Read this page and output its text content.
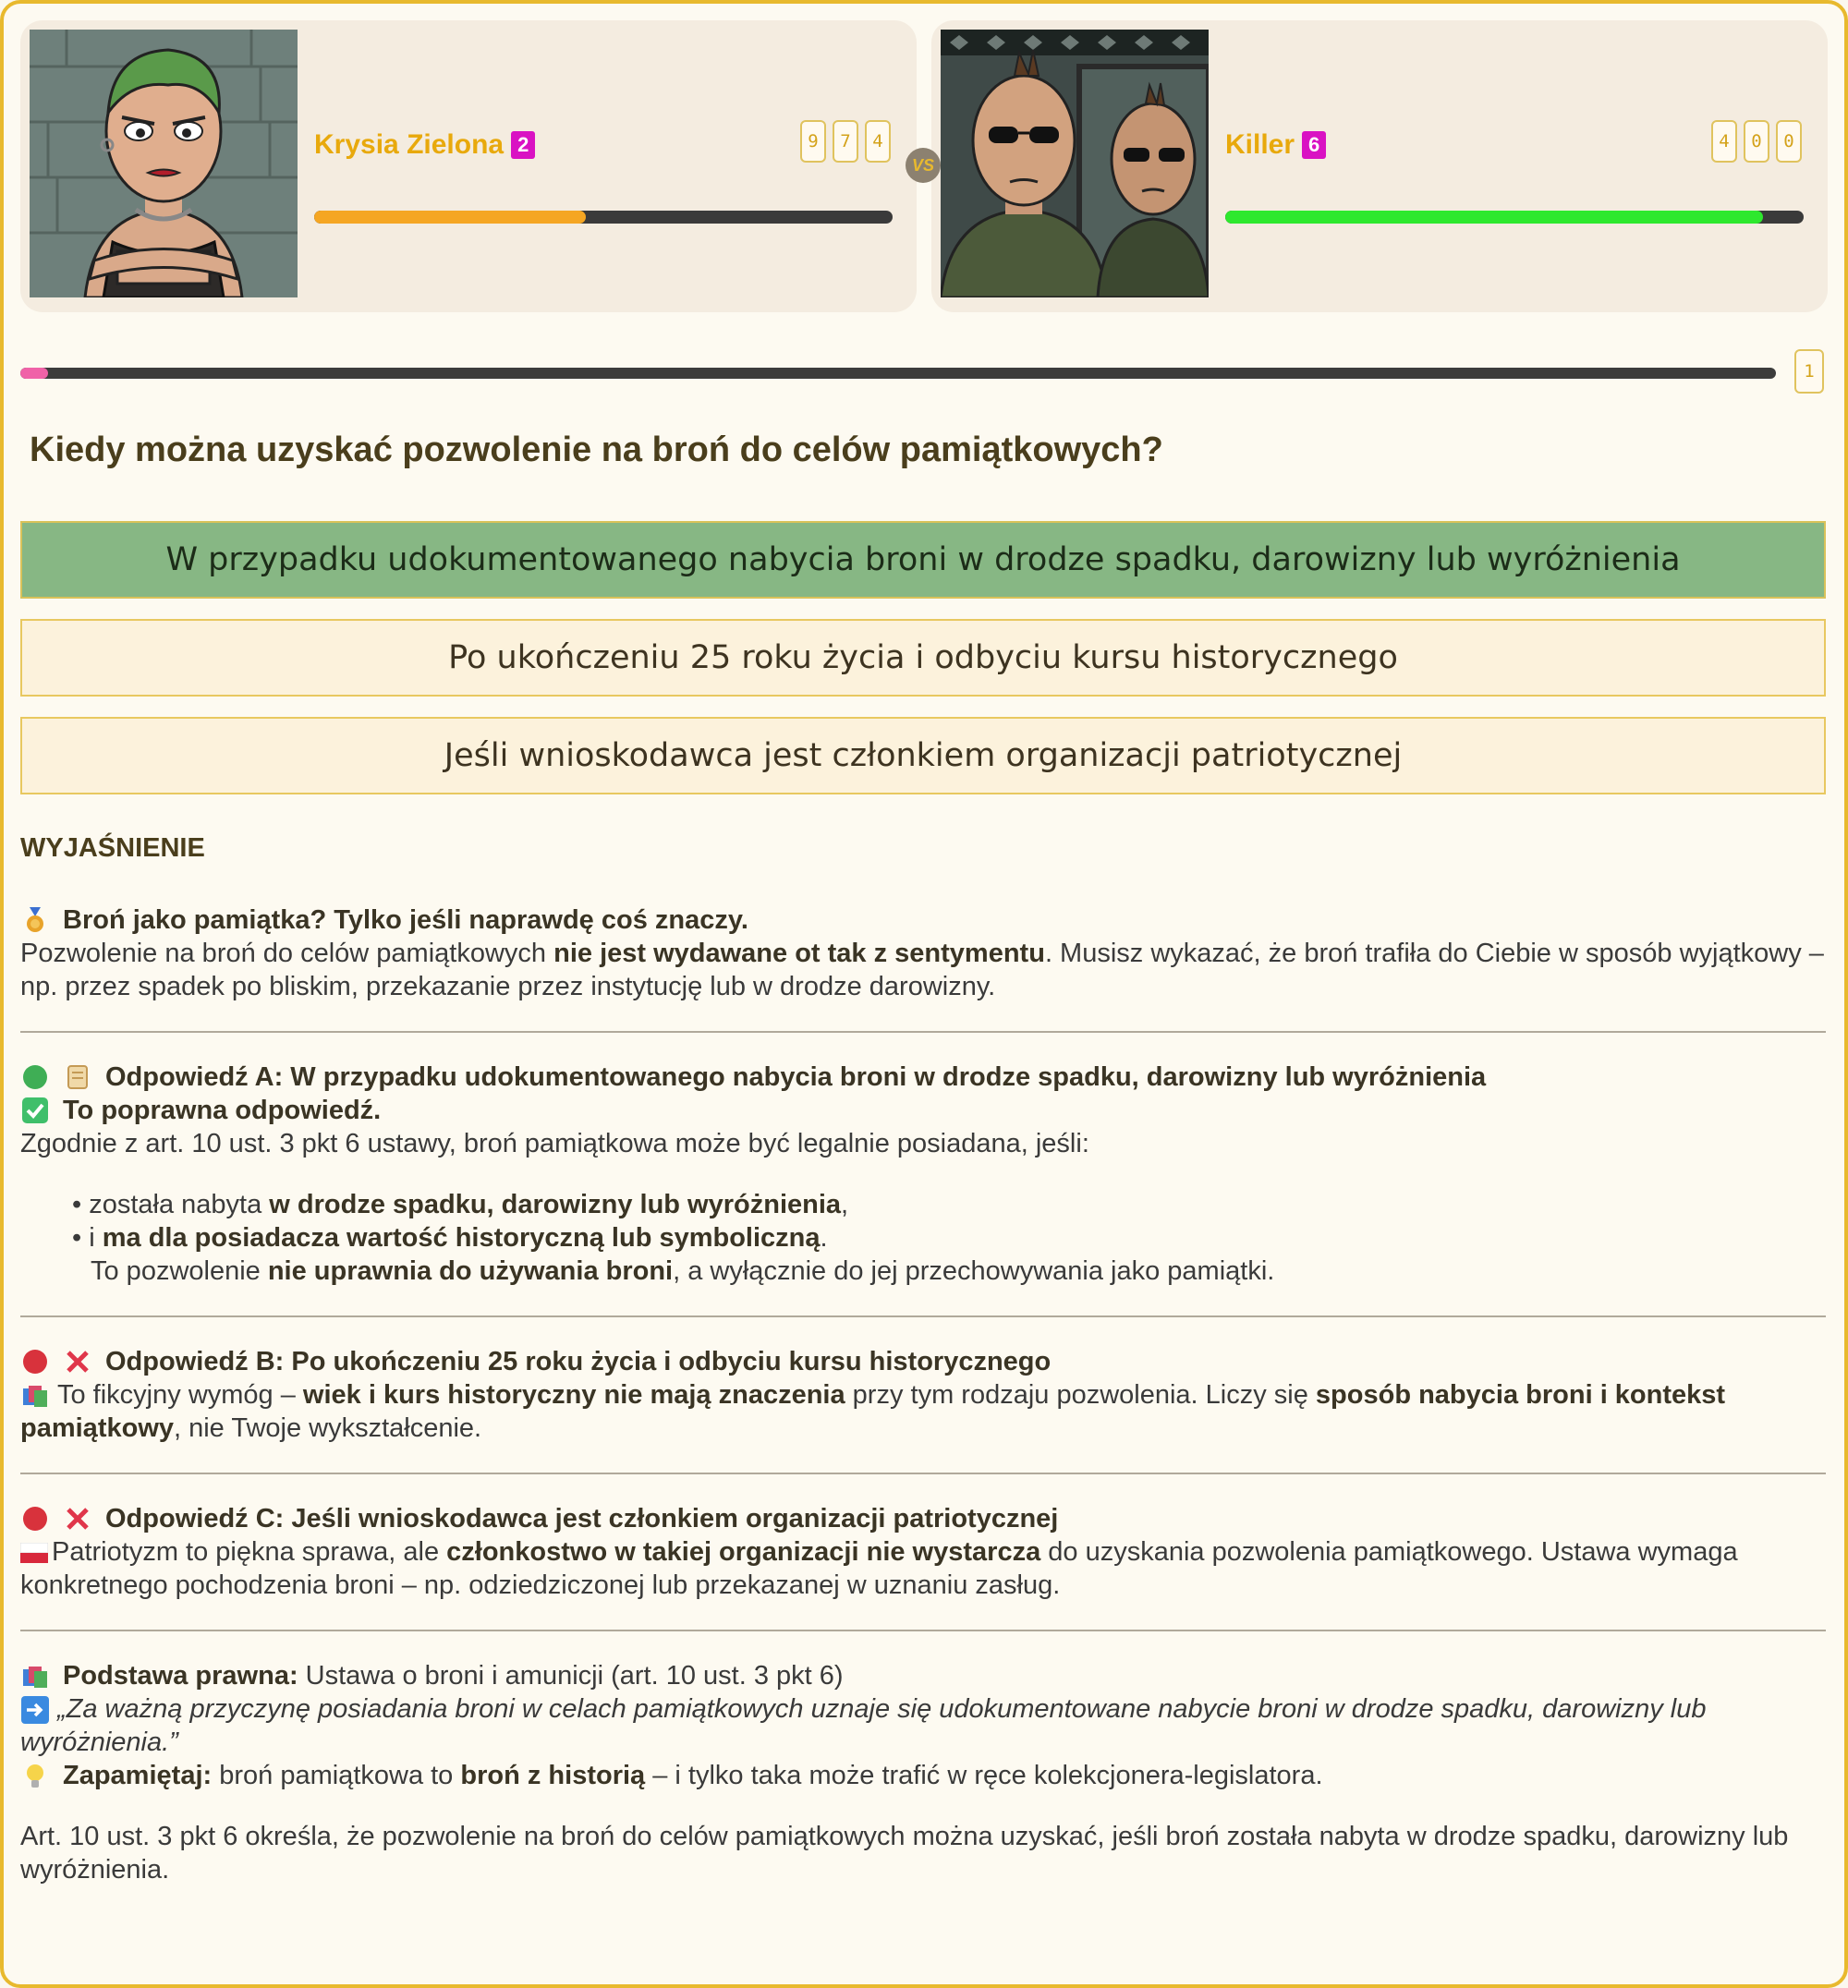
Krysia Zielona 2	9	7	4
VS
Killer 6	4	0	0
1
Kiedy można uzyskać pozwolenie na broń do celów pamiątkowych?
W przypadku udokumentowanego nabycia broni w drodze spadku, darowizny lub wyróżnienia
Po ukończeniu 25 roku życia i odbyciu kursu historycznego
Jeśli wnioskodawca jest członkiem organizacji patriotycznej
WYJAŚNIENIE
Broń jako pamiątka? Tylko jeśli naprawdę coś znaczy.
Pozwolenie na broń do celów pamiątkowych nie jest wydawane ot tak z sentymentu. Musisz wykazać, że broń trafiła do Ciebie w sposób wyjątkowy – np. przez spadek po bliskim, przekazanie przez instytucję lub w drodze darowizny.
Odpowiedź A: W przypadku udokumentowanego nabycia broni w drodze spadku, darowizny lub wyróżnienia
To poprawna odpowiedź.
Zgodnie z art. 10 ust. 3 pkt 6 ustawy, broń pamiątkowa może być legalnie posiadana, jeśli:
• została nabyta w drodze spadku, darowizny lub wyróżnienia,
• i ma dla posiadacza wartość historyczną lub symboliczną.
To pozwolenie nie uprawnia do używania broni, a wyłącznie do jej przechowywania jako pamiątki.
Odpowiedź B: Po ukończeniu 25 roku życia i odbyciu kursu historycznego
To fikcyjny wymóg – wiek i kurs historyczny nie mają znaczenia przy tym rodzaju pozwolenia. Liczy się sposób nabycia broni i kontekst pamiątkowy, nie Twoje wykształcenie.
Odpowiedź C: Jeśli wnioskodawca jest członkiem organizacji patriotycznej
Patriotyzm to piękna sprawa, ale członkostwo w takiej organizacji nie wystarcza do uzyskania pozwolenia pamiątkowego. Ustawa wymaga konkretnego pochodzenia broni – np. odziedziczonej lub przekazanej w uznaniu zasług.
Podstawa prawna: Ustawa o broni i amunicji (art. 10 ust. 3 pkt 6)
„Za ważną przyczynę posiadania broni w celach pamiątkowych uznaje się udokumentowane nabycie broni w drodze spadku, darowizny lub wyróżnienia.”
Zapamiętaj: broń pamiątkowa to broń z historią – i tylko taka może trafić w ręce kolekcjonera-legislatora.
Art. 10 ust. 3 pkt 6 określa, że pozwolenie na broń do celów pamiątkowych można uzyskać, jeśli broń została nabyta w drodze spadku, darowizny lub wyróżnienia.
